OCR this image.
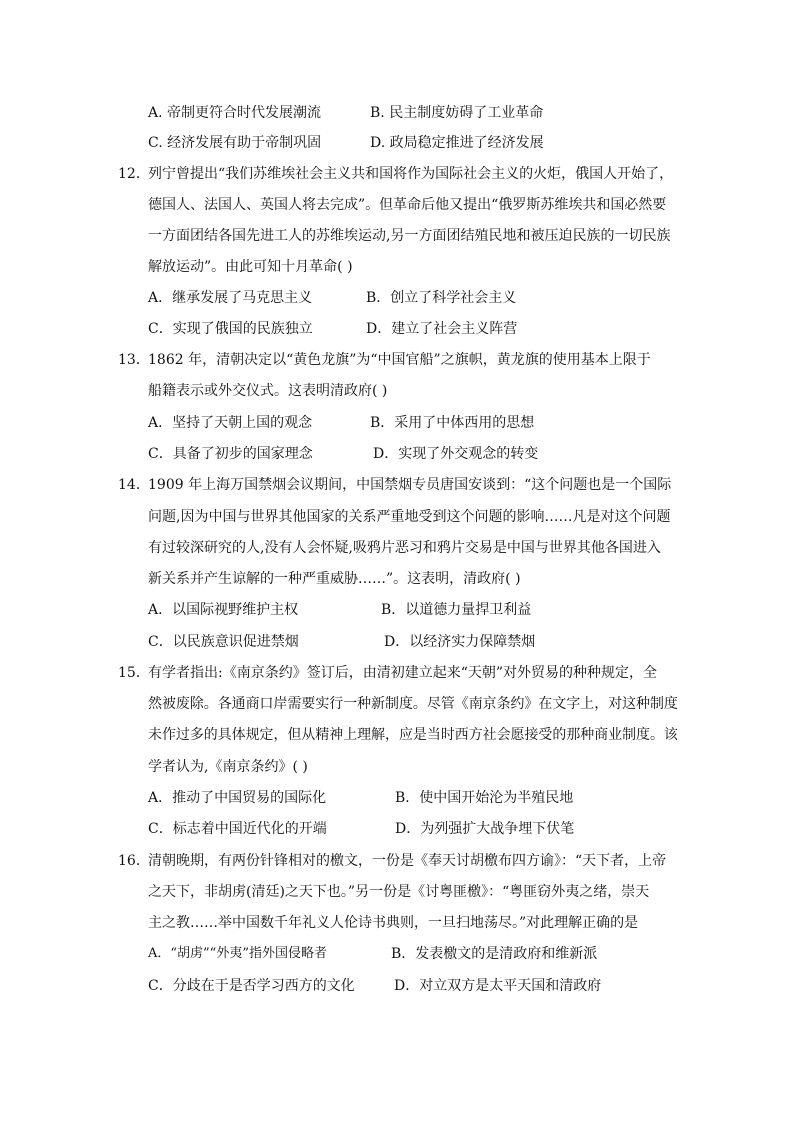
A. 帝制更符合时代发展潮流	B. 民主制度妨碍了工业革命
C. 经济发展有助于帝制巩固	D. 政局稳定推进了经济发展
12．
列宁曾提出“我们苏维埃社会主义共和国将作为国际社会主义的火炬，俄国人开始了，
德国人、法国人、英国人将去完成”。但革命后他又提出“俄罗斯苏维埃共和国必然要
一方面团结各国先进工人的苏维埃运动,另一方面团结殖民地和被压迫民族的一切民族
解放运动”。由此可知十月革命( )
A．继承发展了马克思主义	B．创立了科学社会主义
C．实现了俄国的民族独立	D．建立了社会主义阵营
13．
1862 年，清朝决定以“黄色龙旗”为“中国官船”之旗帜，黄龙旗的使用基本上限于
船籍表示或外交仪式。这表明清政府( )
A．坚持了天朝上国的观念	B．采用了中体西用的思想
C．具备了初步的国家理念	D．实现了外交观念的转变
14．
1909 年上海万国禁烟会议期间，中国禁烟专员唐国安谈到：“这个问题也是一个国际
问题,因为中国与世界其他国家的关系严重地受到这个问题的影响……凡是对这个问题
有过较深研究的人,没有人会怀疑,吸鸦片恶习和鸦片交易是中国与世界其他各国进入
新关系并产生谅解的一种严重威胁……”。这表明，清政府( )
A．以国际视野维护主权	B．以道德力量捍卫利益
C．以民族意识促进禁烟	D．以经济实力保障禁烟
15．
有学者指出:《南京条约》签订后，由清初建立起来“天朝”对外贸易的种种规定，全
然被废除。各通商口岸需要实行一种新制度。尽管《南京条约》在文字上，对这种制度
未作过多的具体规定，但从精神上理解，应是当时西方社会愿接受的那种商业制度。该
学者认为,《南京条约》( )
A．推动了中国贸易的国际化	B．使中国开始沦为半殖民地
C．标志着中国近代化的开端	D．为列强扩大战争埋下伏笔
16．
清朝晚期，有两份针锋相对的檄文，一份是《奉天讨胡檄布四方谕》：“天下者，上帝
之天下，非胡虏(清廷)之天下也。”另一份是《讨粤匪檄》：“粤匪窃外夷之绪，崇天
主之教……举中国数千年礼义人伦诗书典则，一旦扫地荡尽。”对此理解正确的是
A．“胡虏”“外夷”指外国侵略者	B．发表檄文的是清政府和维新派
C．分歧在于是否学习西方的文化	D．对立双方是太平天国和清政府
